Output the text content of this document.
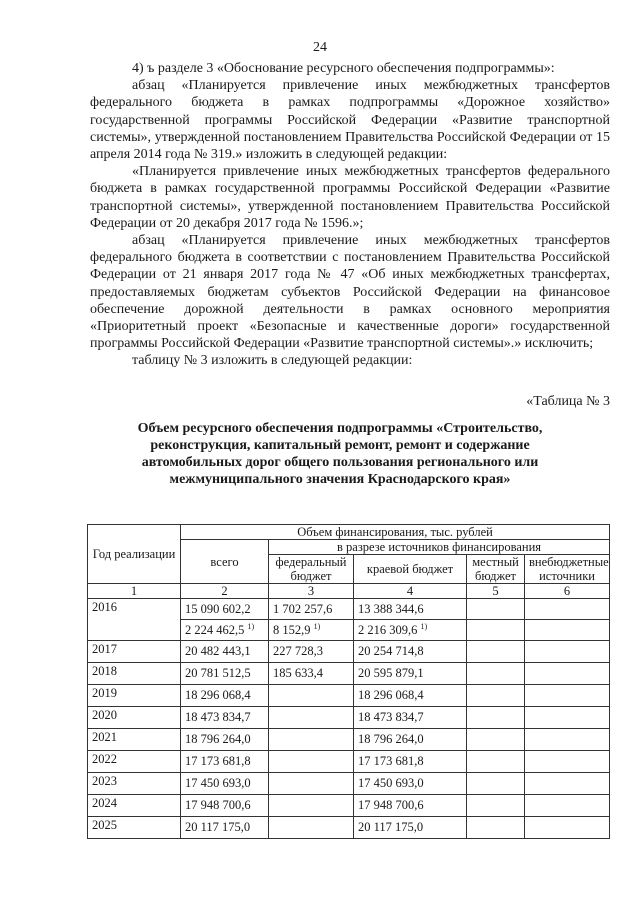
24

4) ъ разделе 3 «Обоснование ресурсного обеспечения подпрограммы»:

абзац «Планируется привлечение иных межбюджетных трансфертов федерального бюджета в рамках подпрограммы «Дорожное хозяйство» государственной программы Российской Федерации «Развитие транспортной системы», утвержденной постановлением Правительства Российской Федерации от 15 апреля 2014 года № 319.» изложить в следующей редакции:

«Планируется привлечение иных межбюджетных трансфертов федерального бюджета в рамках государственной программы Российской Федерации «Развитие транспортной системы», утвержденной постановлением Правительства Российской Федерации от 20 декабря 2017 года № 1596.»;

абзац «Планируется привлечение иных межбюджетных трансфертов федерального бюджета в соответствии с постановлением Правительства Российской Федерации от 21 января 2017 года № 47 «Об иных межбюджетных трансфертах, предоставляемых бюджетам субъектов Российской Федерации на финансовое обеспечение дорожной деятельности в рамках основного мероприятия «Приоритетный проект «Безопасные и качественные дороги» государственной программы Российской Федерации «Развитие транспортной системы».» исключить;

таблицу № 3 изложить в следующей редакции:

«Таблица № 3
Объем ресурсного обеспечения подпрограммы «Строительство, реконструкция, капитальный ремонт, ремонт и содержание автомобильных дорог общего пользования регионального или межмуниципального значения Краснодарского края»
Год реализации	Объем финансирования, тыс. рублей				
	всего	в разрезе источников финансирования			
		федеральный бюджет	краевой бюджет	местный бюджет	внебюджетные источники
1	2	3	4	5	6
2016	15 090 602,2	1 702 257,6	13 388 344,6		
	2 224 462,5 $^{1)}$	8 152,9 $^{1)}$	2 216 309,6 $^{1)}$		
2017	20 482 443,1	227 728,3	20 254 714,8		
2018	20 781 512,5	185 633,4	20 595 879,1		
2019	18 296 068,4		18 296 068,4		
2020	18 473 834,7		18 473 834,7		
2021	18 796 264,0		18 796 264,0		
2022	17 173 681,8		17 173 681,8		
2023	17 450 693,0		17 450 693,0		
2024	17 948 700,6		17 948 700,6		
2025	20 117 175,0		20 117 175,0		
